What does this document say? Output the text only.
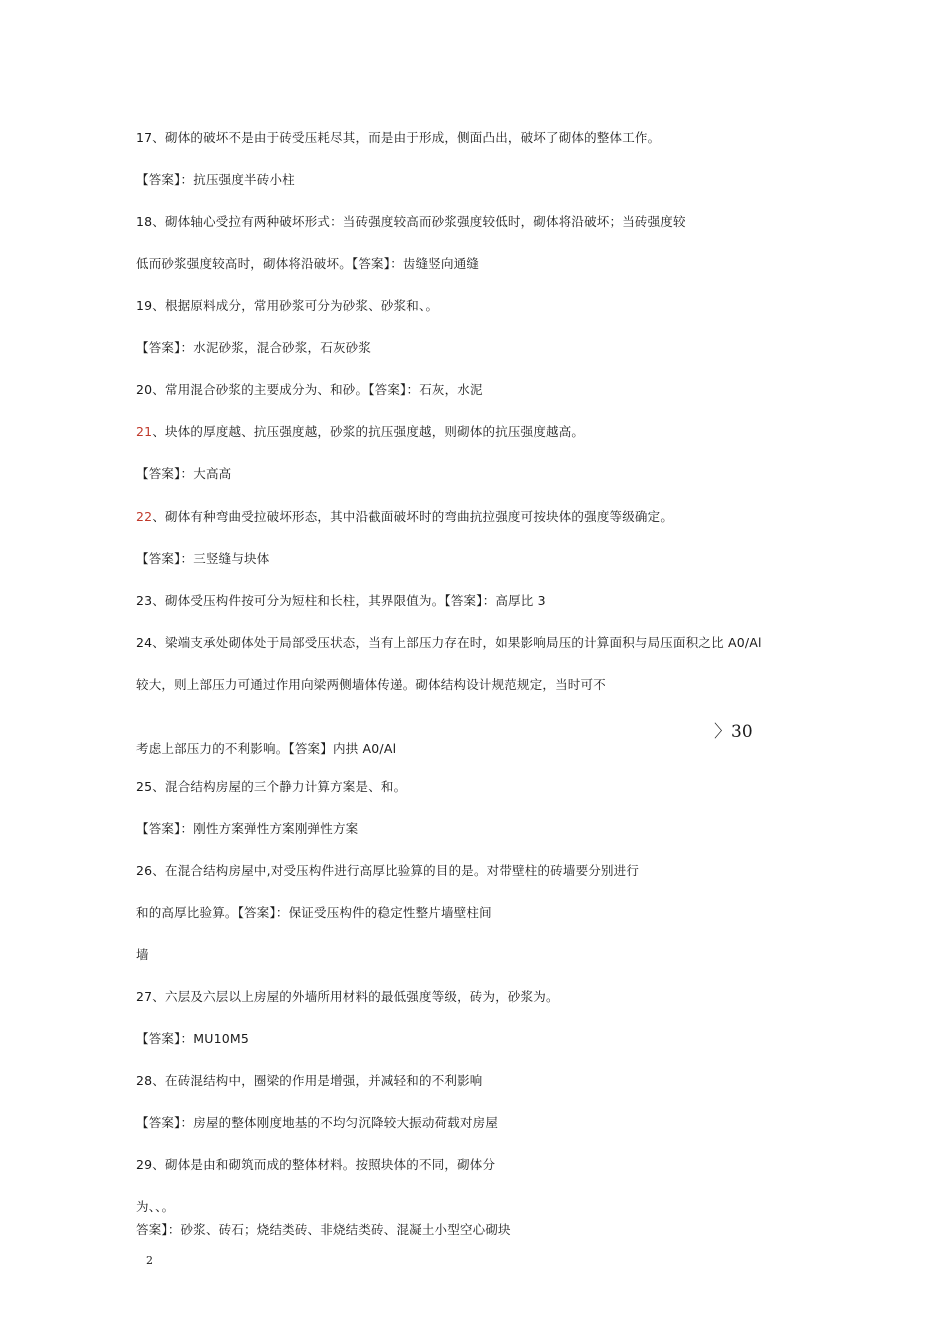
17、砌体的破坏不是由于砖受压耗尽其，而是由于形成，侧面凸出，破坏了砌体的整体工作。
【答案】：抗压强度半砖小柱
18、砌体轴心受拉有两种破坏形式：当砖强度较高而砂浆强度较低时，砌体将沿破坏；当砖强度较
低而砂浆强度较高时，砌体将沿破坏。【答案】：齿缝竖向通缝
19、根据原料成分，常用砂浆可分为砂浆、砂浆和、。
【答案】：水泥砂浆，混合砂浆，石灰砂浆
20、常用混合砂浆的主要成分为、和砂。【答案】：石灰，水泥
21、块体的厚度越、抗压强度越，砂浆的抗压强度越，则砌体的抗压强度越高。
【答案】：大高高
22、砌体有种弯曲受拉破坏形态，其中沿截面破坏时的弯曲抗拉强度可按块体的强度等级确定。
【答案】：三竖缝与块体
23、砌体受压构件按可分为短柱和长柱，其界限值为。【答案】：高厚比 3
24、梁端支承处砌体处于局部受压状态，当有上部压力存在时，如果影响局压的计算面积与局压面积之比 A0/Al
较大，则上部压力可通过作用向梁两侧墙体传递。砌体结构设计规范规定，当时可不
〉30
考虑上部压力的不利影响。【答案】内拱 A0/Al
25、混合结构房屋的三个静力计算方案是、和。
【答案】：刚性方案弹性方案刚弹性方案
26、在混合结构房屋中,对受压构件进行高厚比验算的目的是。对带壁柱的砖墙要分别进行
和的高厚比验算。【答案】：保证受压构件的稳定性整片墙壁柱间
墙
27、六层及六层以上房屋的外墙所用材料的最低强度等级，砖为，砂浆为。
【答案】：MU10M5
28、在砖混结构中，圈梁的作用是增强，并减轻和的不利影响
【答案】：房屋的整体刚度地基的不均匀沉降较大振动荷载对房屋
29、砌体是由和砌筑而成的整体材料。按照块体的不同，砌体分
为、、。
答案】：砂浆、砖石；烧结类砖、非烧结类砖、混凝土小型空心砌块
2
